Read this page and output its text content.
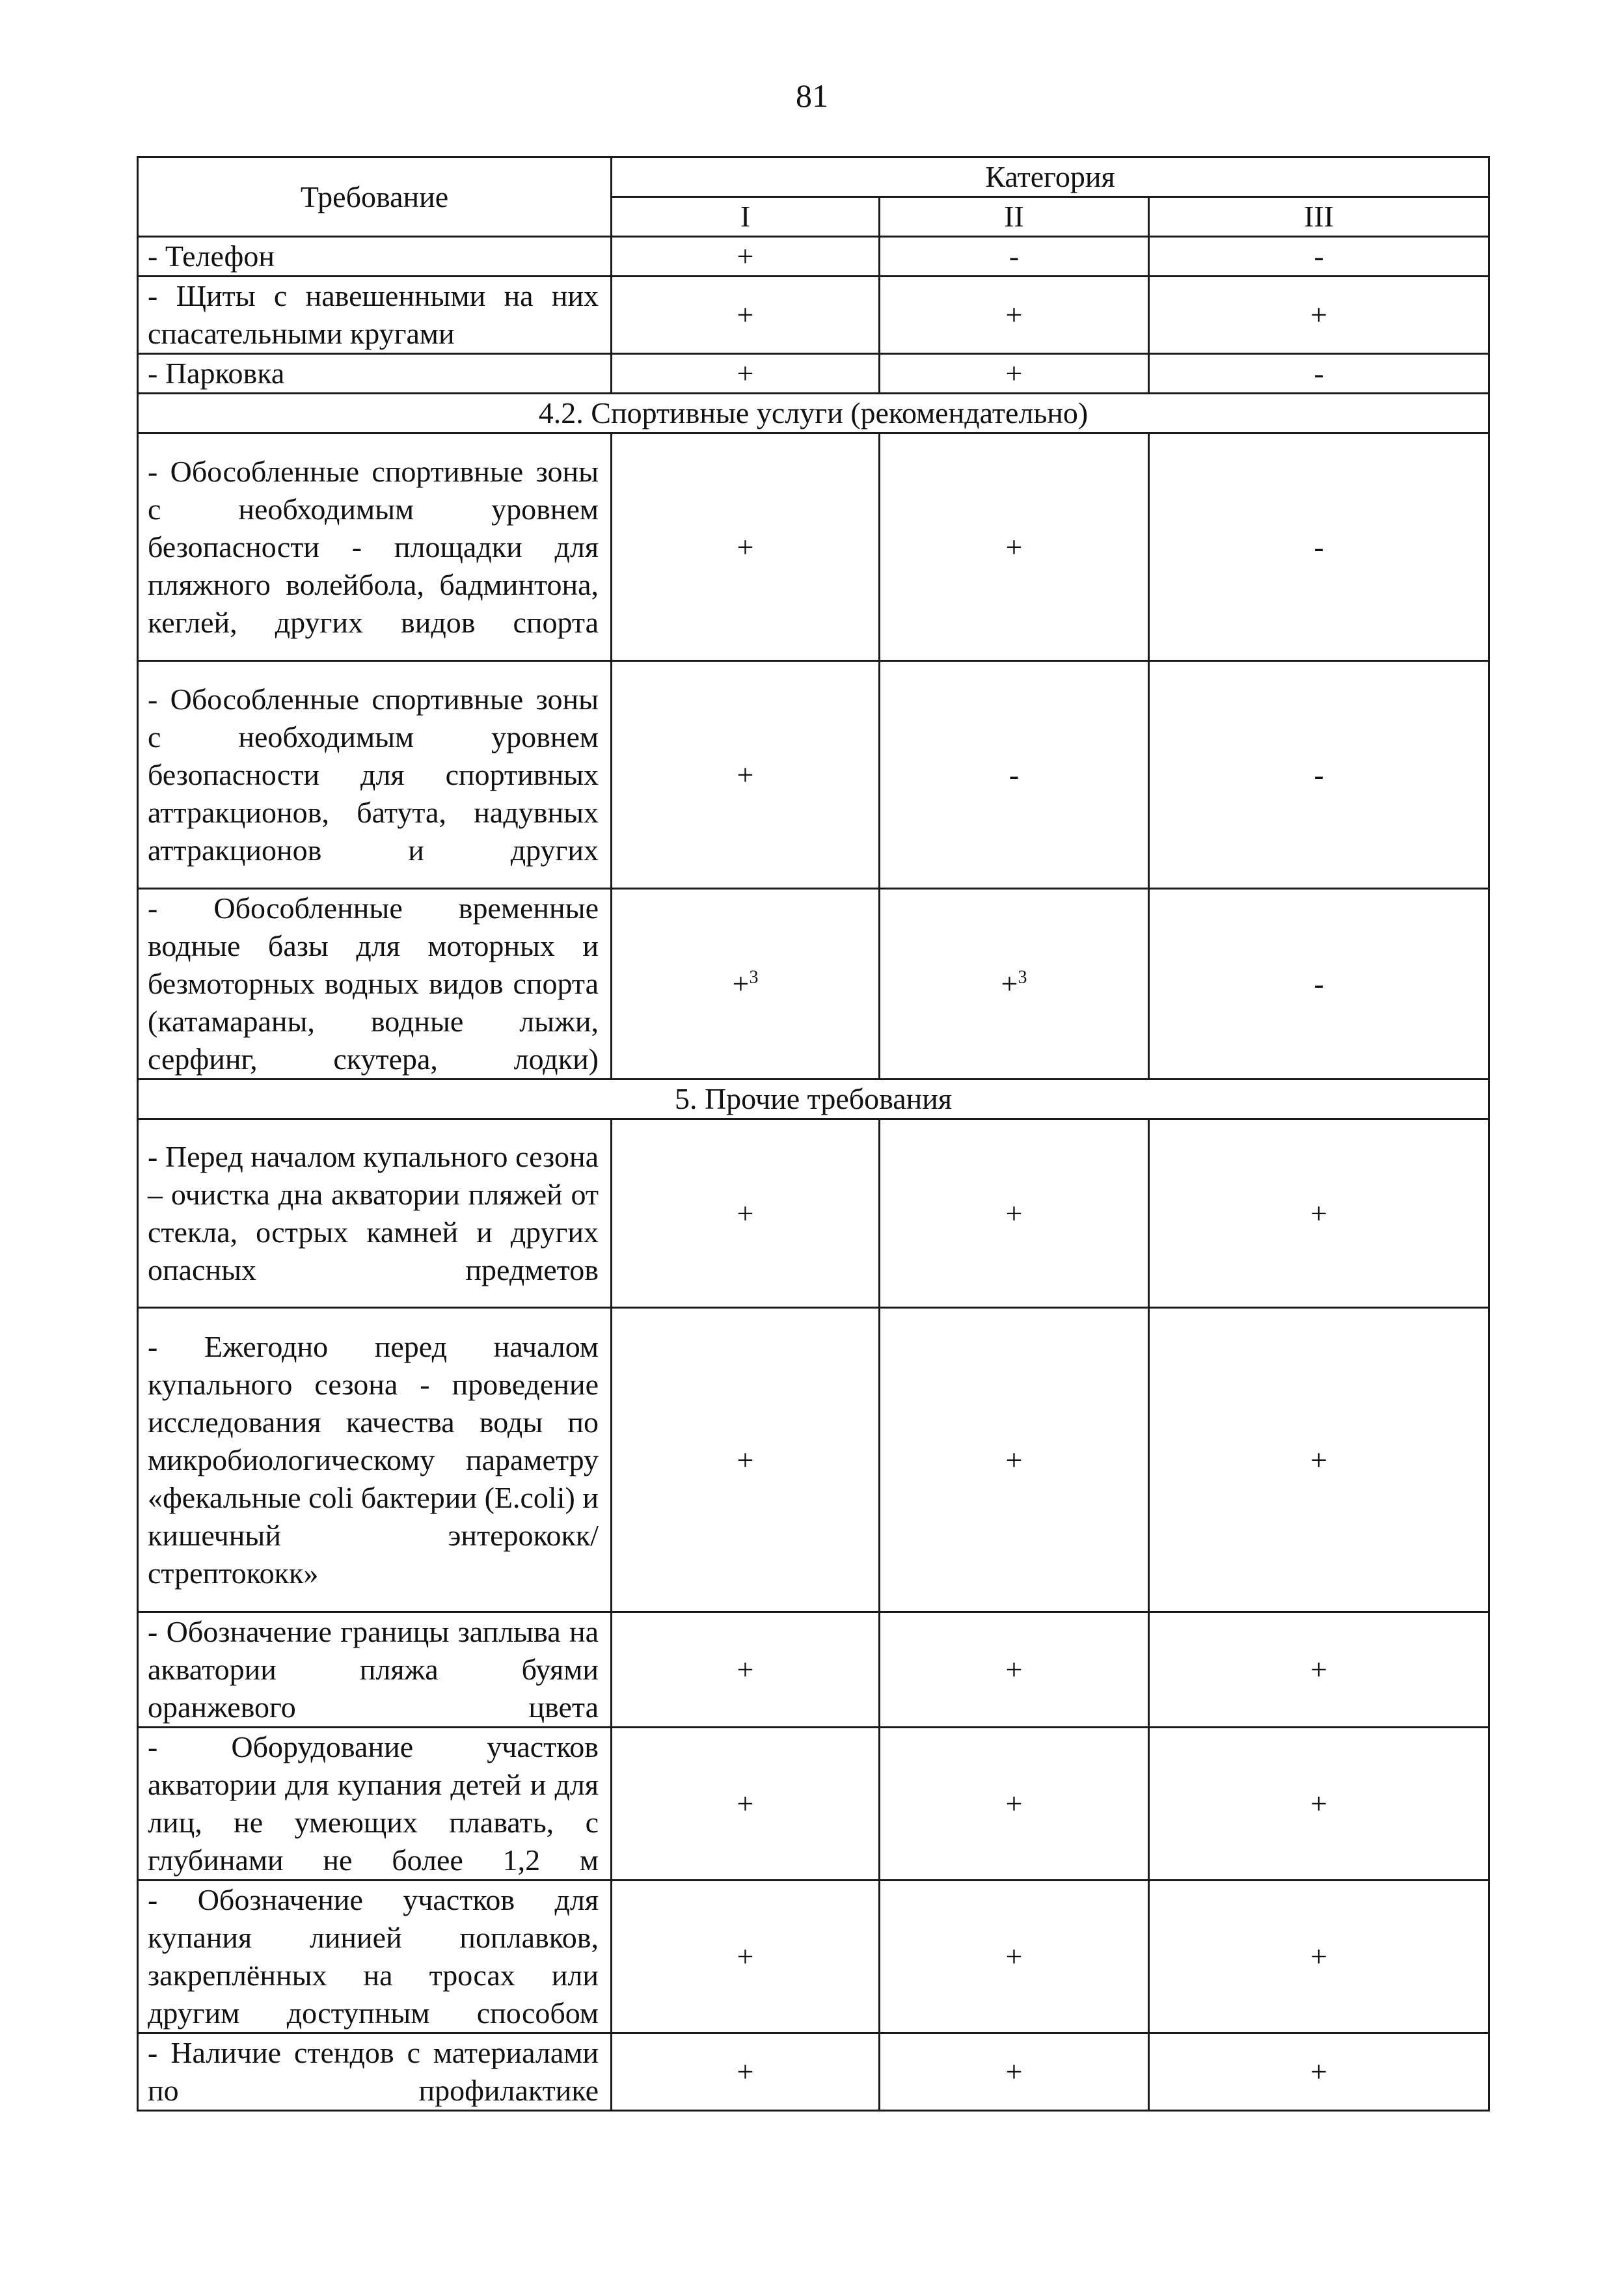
81
Требование	Категория		
	I	II	III
- Телефон	+	-	-
- Щиты с навешенными на них спасательными кругами	+	+	+
- Парковка	+	+	-
4.2. Спортивные услуги (рекомендательно)			
- Обособленные спортивные зоны с необходимым уровнем безопасности - площадки для пляжного волейбола, бадминтона, кеглей, других видов спорта	+	+	-
- Обособленные спортивные зоны с необходимым уровнем безопасности для спортивных аттракционов, батута, надувных аттракционов и других	+	-	-
- Обособленные временные водные базы для моторных и безмоторных водных видов спорта (катамараны, водные лыжи, серфинг, скутера, лодки)	+$^3$	+$^3$	-
5. Прочие требования			
- Перед началом купального сезона – очистка дна акватории пляжей от стекла, острых камней и других опасных предметов	+	+	+
- Ежегодно перед началом купального сезона - проведение исследования качества воды по микробиологическому параметру «фекальные coli бактерии (E.coli) и кишечный энтерококк/стрептококк»	+	+	+
- Обозначение границы заплыва на акватории пляжа буями оранжевого цвета	+	+	+
- Оборудование участков акватории для купания детей и для лиц, не умеющих плавать, с глубинами не более 1,2 м	+	+	+
- Обозначение участков для купания линией поплавков, закреплённых на тросах или другим доступным способом	+	+	+
- Наличие стендов с материалами по профилактике	+	+	+
